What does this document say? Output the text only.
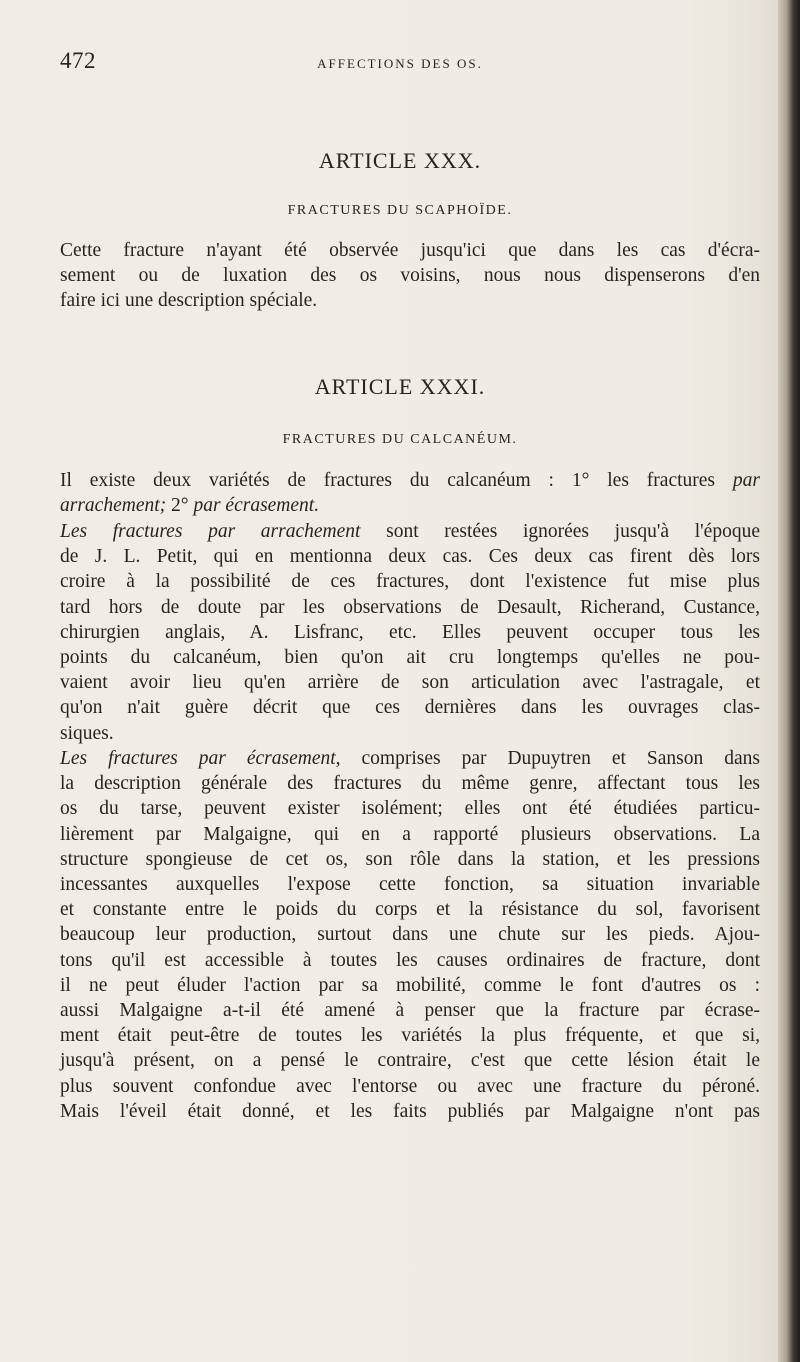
472	AFFECTIONS DES OS.
ARTICLE XXX.
FRACTURES DU SCAPHOÏDE.
Cette fracture n'ayant été observée jusqu'ici que dans les cas d'écra-
sement ou de luxation des os voisins, nous nous dispenserons d'en
faire ici une description spéciale.
ARTICLE XXXI.
FRACTURES DU CALCANÉUM.
Il existe deux variétés de fractures du calcanéum : 1° les fractures par
arrachement; 2° par écrasement.
Les fractures par arrachement sont restées ignorées jusqu'à l'époque
de J. L. Petit, qui en mentionna deux cas. Ces deux cas firent dès lors
croire à la possibilité de ces fractures, dont l'existence fut mise plus
tard hors de doute par les observations de Desault, Richerand, Custance,
chirurgien anglais, A. Lisfranc, etc. Elles peuvent occuper tous les
points du calcanéum, bien qu'on ait cru longtemps qu'elles ne pou-
vaient avoir lieu qu'en arrière de son articulation avec l'astragale, et
qu'on n'ait guère décrit que ces dernières dans les ouvrages clas-
siques.
Les fractures par écrasement, comprises par Dupuytren et Sanson dans
la description générale des fractures du même genre, affectant tous les
os du tarse, peuvent exister isolément; elles ont été étudiées particu-
lièrement par Malgaigne, qui en a rapporté plusieurs observations. La
structure spongieuse de cet os, son rôle dans la station, et les pressions
incessantes auxquelles l'expose cette fonction, sa situation invariable
et constante entre le poids du corps et la résistance du sol, favorisent
beaucoup leur production, surtout dans une chute sur les pieds. Ajou-
tons qu'il est accessible à toutes les causes ordinaires de fracture, dont
il ne peut éluder l'action par sa mobilité, comme le font d'autres os :
aussi Malgaigne a-t-il été amené à penser que la fracture par écrase-
ment était peut-être de toutes les variétés la plus fréquente, et que si,
jusqu'à présent, on a pensé le contraire, c'est que cette lésion était le
plus souvent confondue avec l'entorse ou avec une fracture du péroné.
Mais l'éveil était donné, et les faits publiés par Malgaigne n'ont pas
